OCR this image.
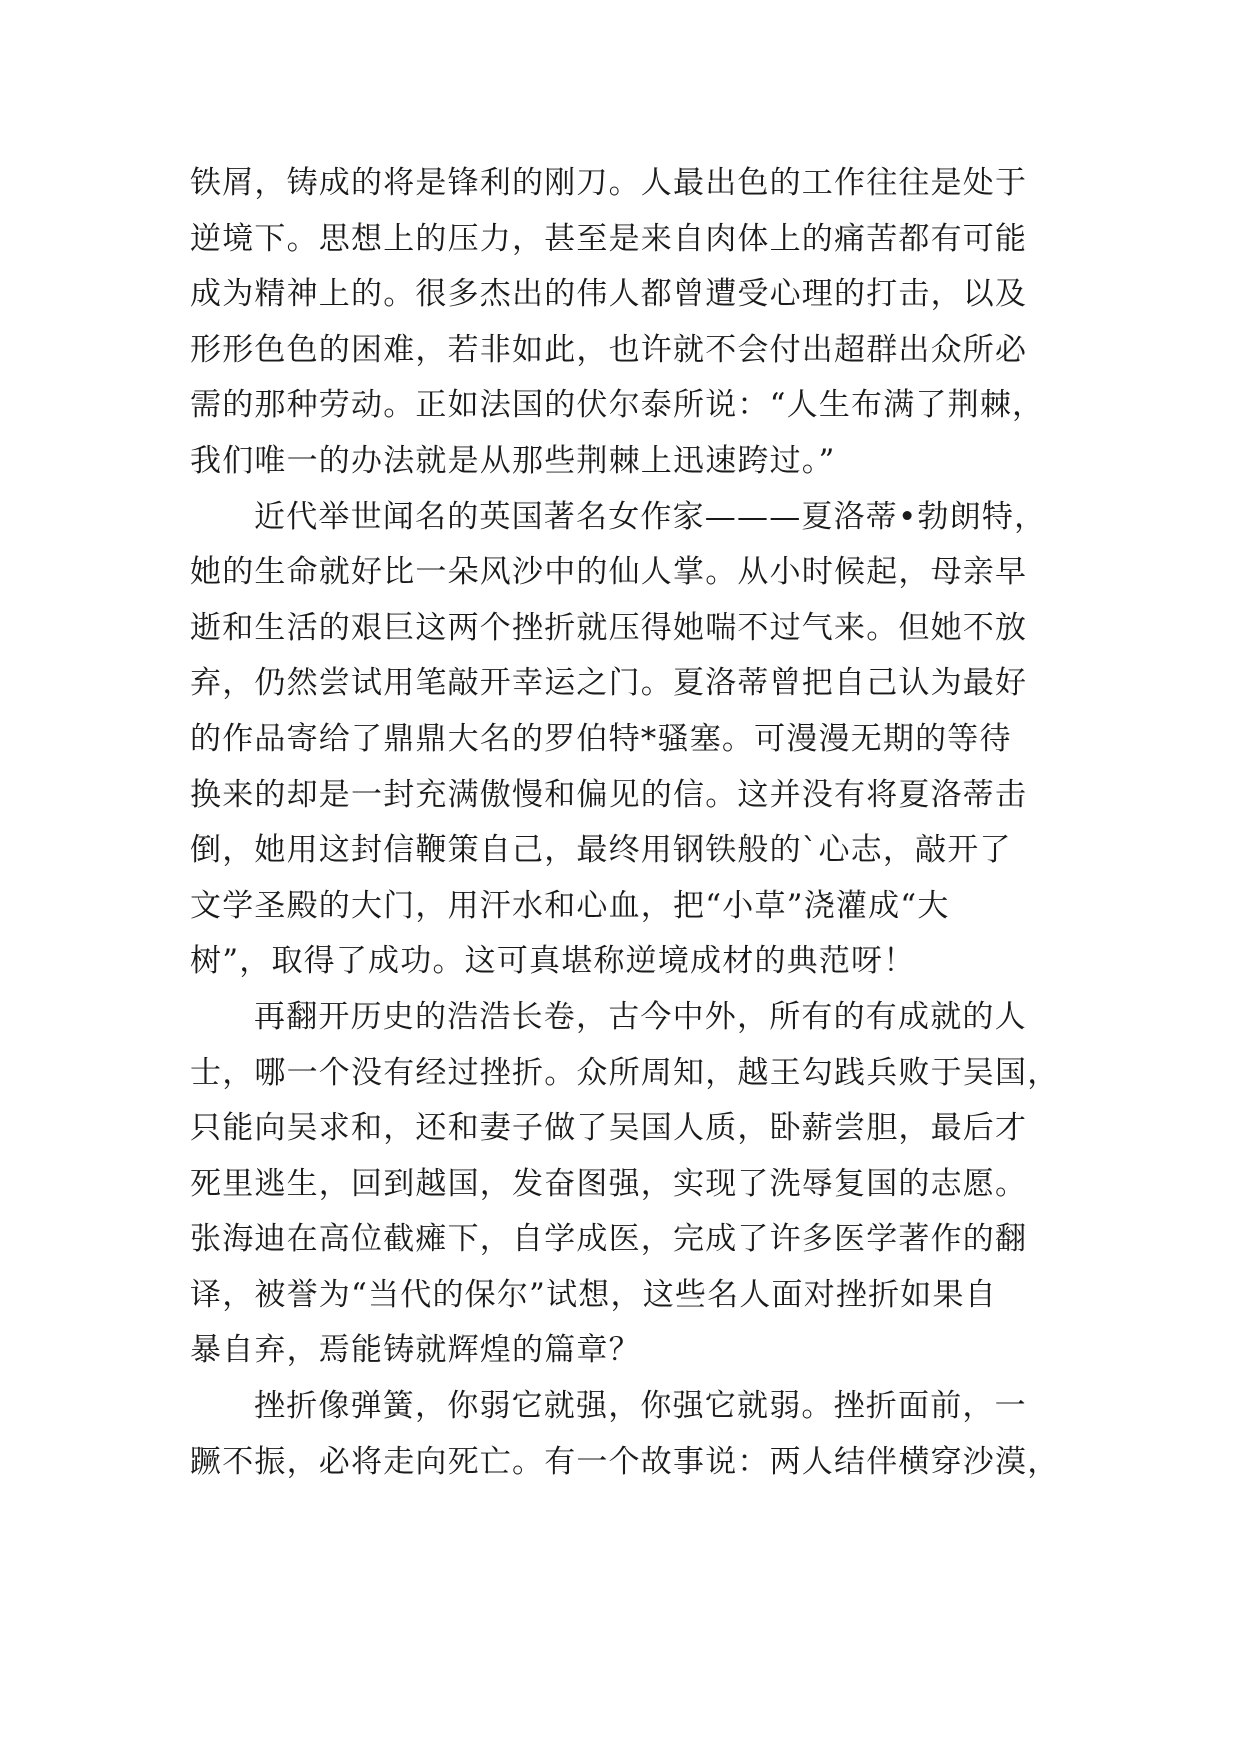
铁屑，铸成的将是锋利的刚刀。人最出色的工作往往是处于
逆境下。思想上的压力，甚至是来自肉体上的痛苦都有可能
成为精神上的。很多杰出的伟人都曾遭受心理的打击，以及
形形色色的困难，若非如此，也许就不会付出超群出众所必
需的那种劳动。正如法国的伏尔泰所说：“人生布满了荆棘，
我们唯一的办法就是从那些荆棘上迅速跨过。”
近代举世闻名的英国著名女作家———夏洛蒂•勃朗特，
她的生命就好比一朵风沙中的仙人掌。从小时候起，母亲早
逝和生活的艰巨这两个挫折就压得她喘不过气来。但她不放
弃，仍然尝试用笔敲开幸运之门。夏洛蒂曾把自己认为最好
的作品寄给了鼎鼎大名的罗伯特*骚塞。可漫漫无期的等待
换来的却是一封充满傲慢和偏见的信。这并没有将夏洛蒂击
倒，她用这封信鞭策自己，最终用钢铁般的`心志，敲开了
文学圣殿的大门，用汗水和心血，把“小草”浇灌成“大
树”，取得了成功。这可真堪称逆境成材的典范呀！
再翻开历史的浩浩长卷，古今中外，所有的有成就的人
士，哪一个没有经过挫折。众所周知，越王勾践兵败于吴国，
只能向吴求和，还和妻子做了吴国人质，卧薪尝胆，最后才
死里逃生，回到越国，发奋图强，实现了洗辱复国的志愿。
张海迪在高位截瘫下，自学成医，完成了许多医学著作的翻
译，被誉为“当代的保尔”试想，这些名人面对挫折如果自
暴自弃，焉能铸就辉煌的篇章？
挫折像弹簧，你弱它就强，你强它就弱。挫折面前，一
蹶不振，必将走向死亡。有一个故事说：两人结伴横穿沙漠，
